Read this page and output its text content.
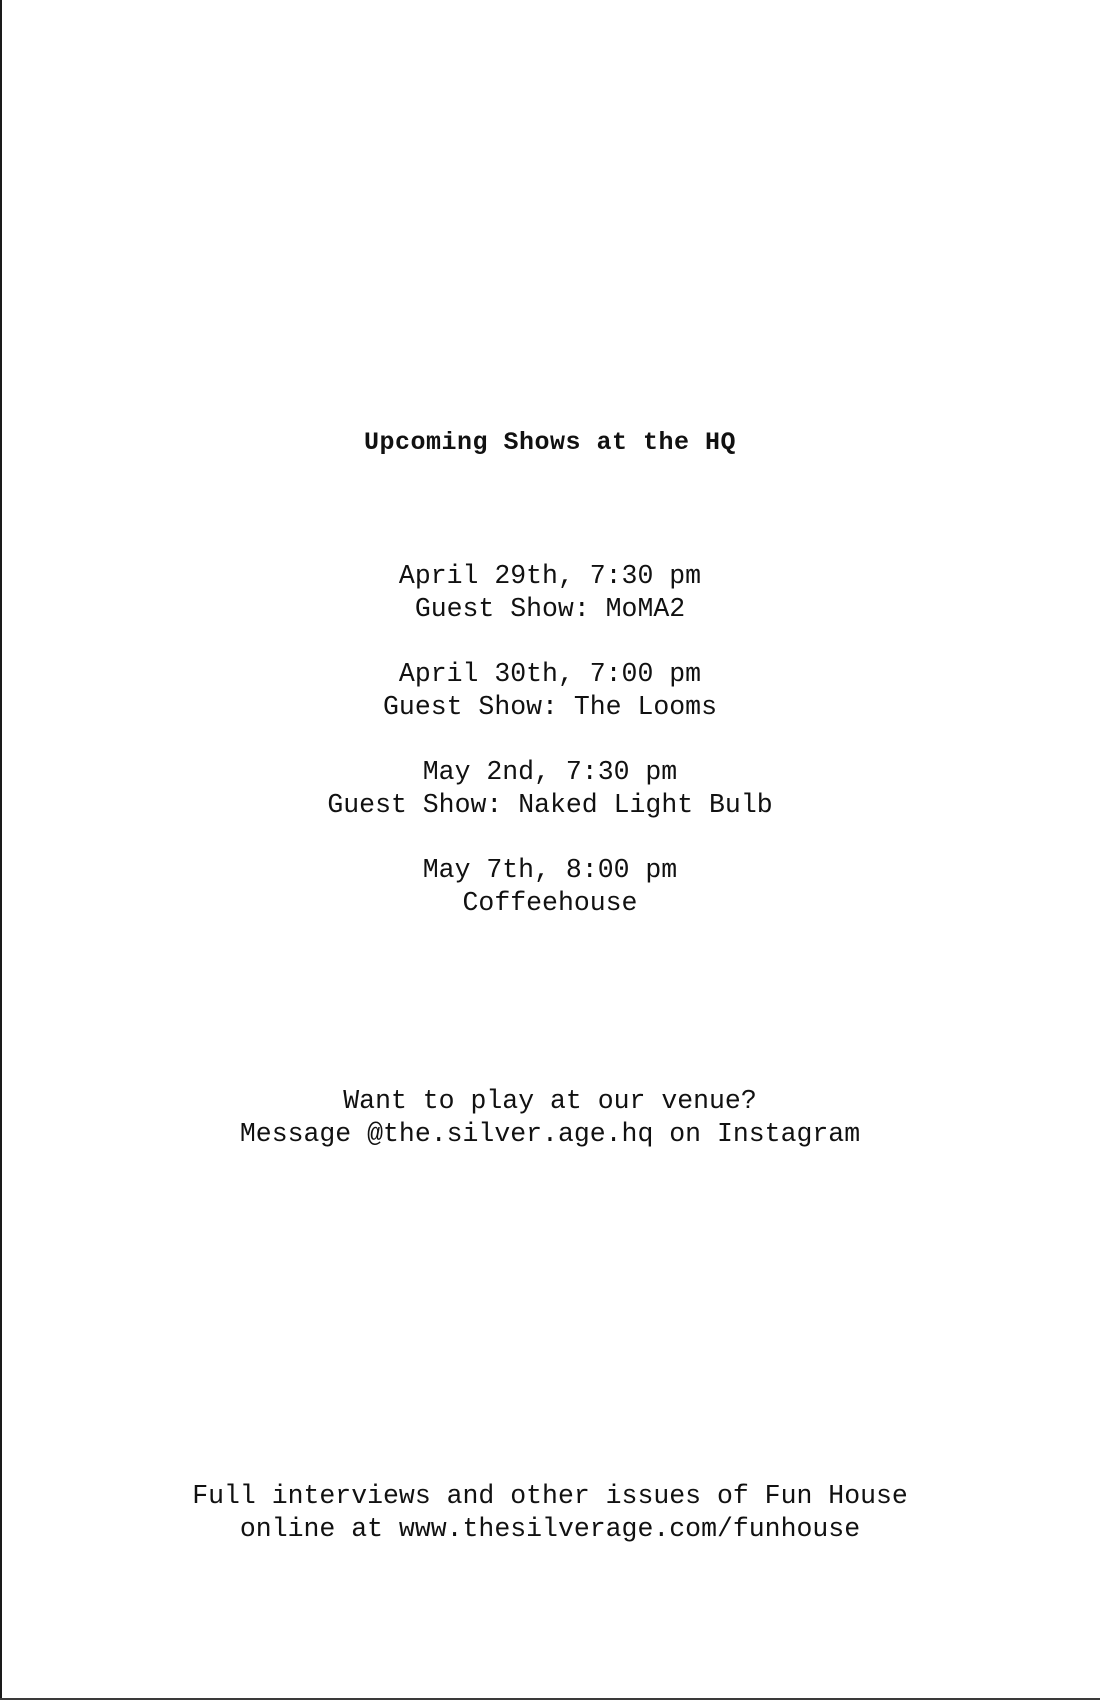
Upcoming Shows at the HQ
April 29th, 7:30 pm
Guest Show: MoMA2
April 30th, 7:00 pm
Guest Show: The Looms
May 2nd, 7:30 pm
Guest Show: Naked Light Bulb
May 7th, 8:00 pm
Coffeehouse
Want to play at our venue?
Message @the.silver.age.hq on Instagram
Full interviews and other issues of Fun House
online at www.thesilverage.com/funhouse
